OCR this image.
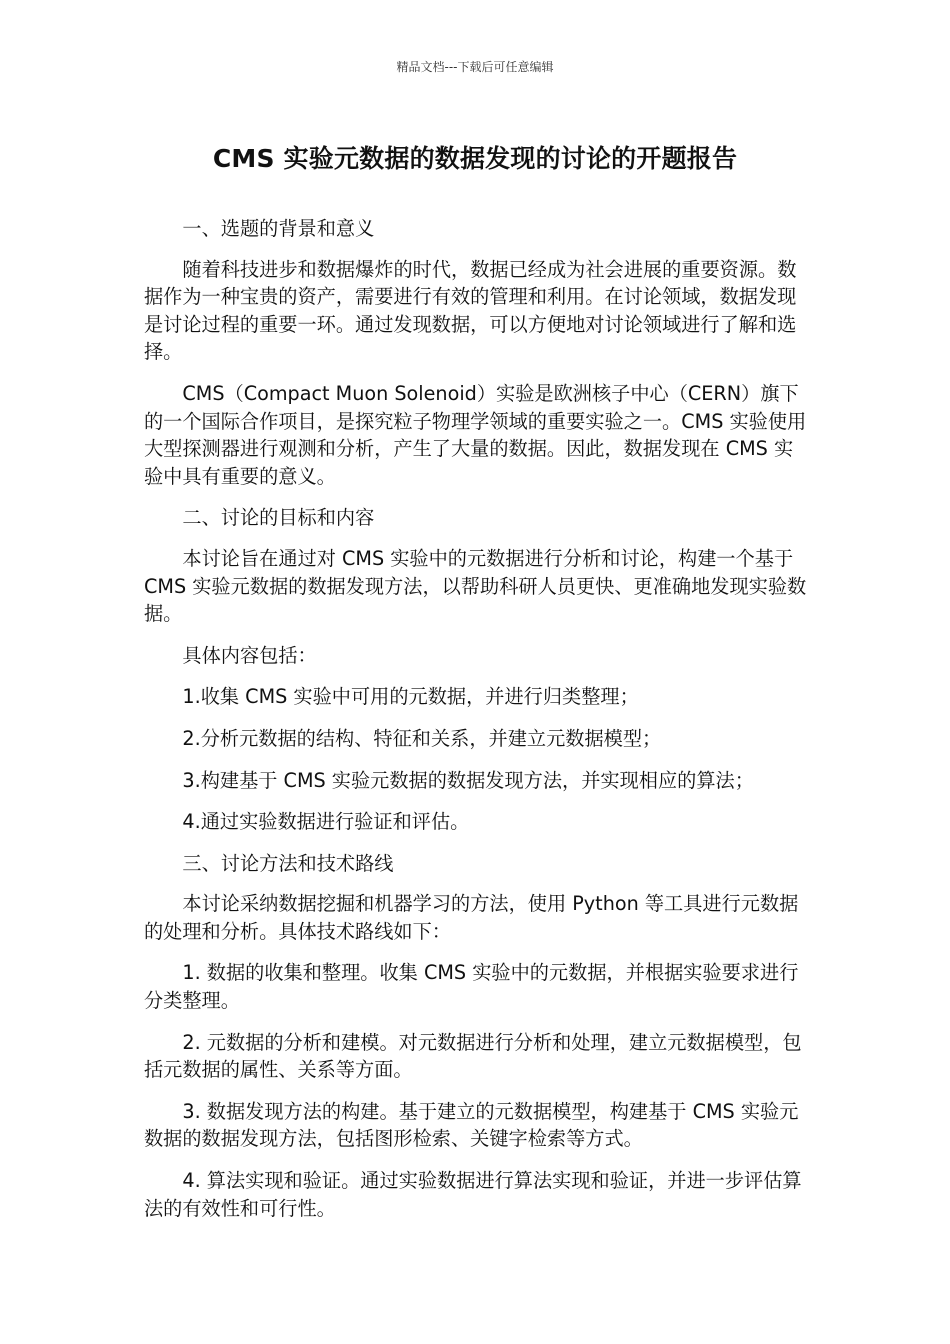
精品文档---下载后可任意编辑
CMS 实验元数据的数据发现的讨论的开题报告

一、选题的背景和意义

随着科技进步和数据爆炸的时代，数据已经成为社会进展的重要资源。数据作为一种宝贵的资产，需要进行有效的管理和利用。在讨论领域，数据发现是讨论过程的重要一环。通过发现数据，可以方便地对讨论领域进行了解和选择。

CMS（Compact Muon Solenoid）实验是欧洲核子中心（CERN）旗下的一个国际合作项目，是探究粒子物理学领域的重要实验之一。CMS 实验使用大型探测器进行观测和分析，产生了大量的数据。因此，数据发现在 CMS 实验中具有重要的意义。

二、讨论的目标和内容

本讨论旨在通过对 CMS 实验中的元数据进行分析和讨论，构建一个基于 CMS 实验元数据的数据发现方法，以帮助科研人员更快、更准确地发现实验数据。

具体内容包括：

1.收集 CMS 实验中可用的元数据，并进行归类整理；

2.分析元数据的结构、特征和关系，并建立元数据模型；

3.构建基于 CMS 实验元数据的数据发现方法，并实现相应的算法；

4.通过实验数据进行验证和评估。

三、讨论方法和技术路线

本讨论采纳数据挖掘和机器学习的方法，使用 Python 等工具进行元数据的处理和分析。具体技术路线如下：

1. 数据的收集和整理。收集 CMS 实验中的元数据，并根据实验要求进行分类整理。

2. 元数据的分析和建模。对元数据进行分析和处理，建立元数据模型，包括元数据的属性、关系等方面。

3. 数据发现方法的构建。基于建立的元数据模型，构建基于 CMS 实验元数据的数据发现方法，包括图形检索、关键字检索等方式。

4. 算法实现和验证。通过实验数据进行算法实现和验证，并进一步评估算法的有效性和可行性。
